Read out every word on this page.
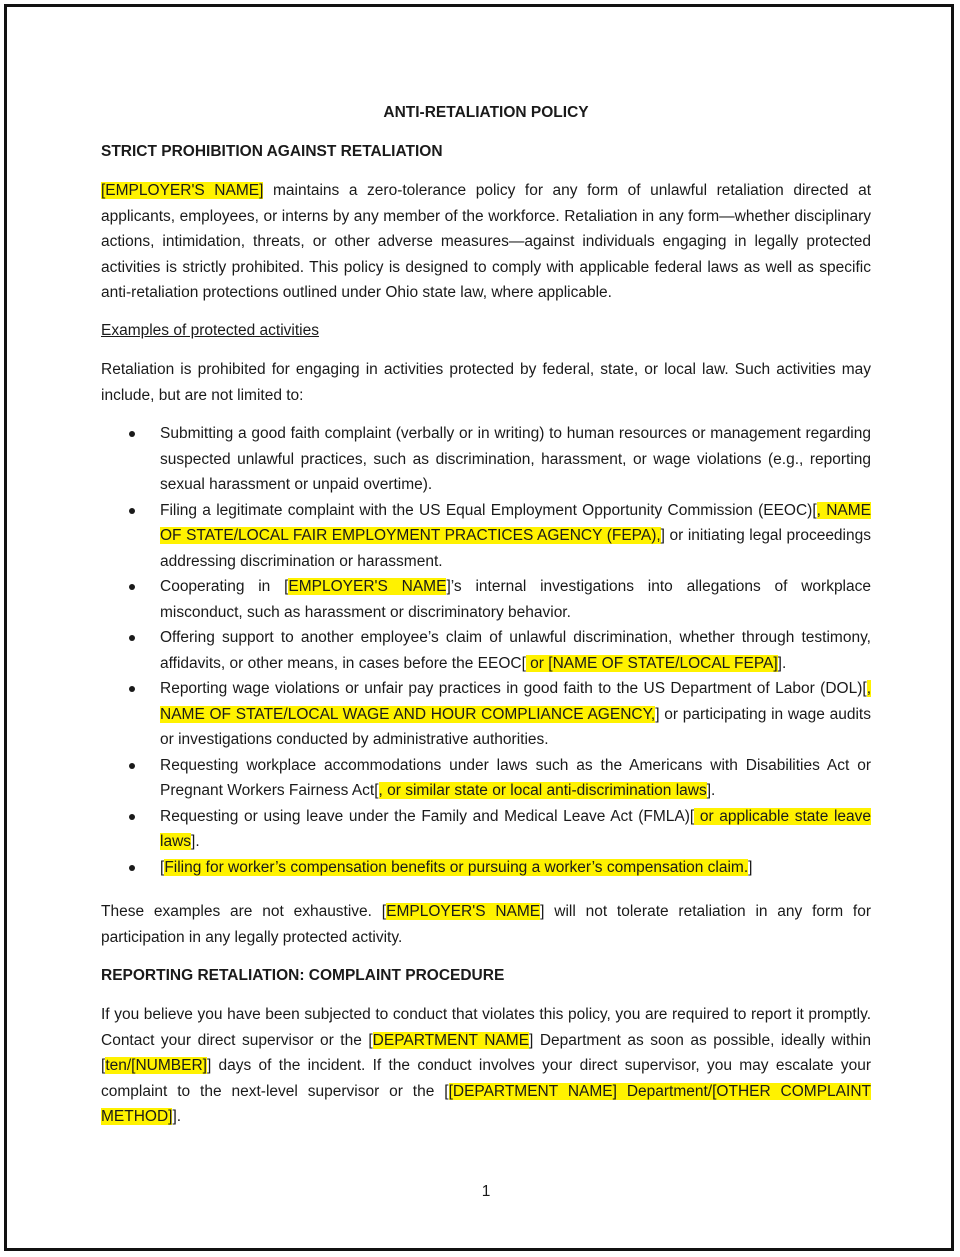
ANTI-RETALIATION POLICY

STRICT PROHIBITION AGAINST RETALIATION

[EMPLOYER'S NAME] maintains a zero-tolerance policy for any form of unlawful retaliation directed at applicants, employees, or interns by any member of the workforce. Retaliation in any form—whether disciplinary actions, intimidation, threats, or other adverse measures—against individuals engaging in legally protected activities is strictly prohibited. This policy is designed to comply with applicable federal laws as well as specific anti-retaliation protections outlined under Ohio state law, where applicable.

Examples of protected activities

Retaliation is prohibited for engaging in activities protected by federal, state, or local law. Such activities may include, but are not limited to:

Submitting a good faith complaint (verbally or in writing) to human resources or management regarding suspected unlawful practices, such as discrimination, harassment, or wage violations (e.g., reporting sexual harassment or unpaid overtime).
Filing a legitimate complaint with the US Equal Employment Opportunity Commission (EEOC)[, NAME OF STATE/LOCAL FAIR EMPLOYMENT PRACTICES AGENCY (FEPA),] or initiating legal proceedings addressing discrimination or harassment.
Cooperating in [EMPLOYER'S NAME]’s internal investigations into allegations of workplace misconduct, such as harassment or discriminatory behavior.
Offering support to another employee’s claim of unlawful discrimination, whether through testimony, affidavits, or other means, in cases before the EEOC[ or [NAME OF STATE/LOCAL FEPA]].
Reporting wage violations or unfair pay practices in good faith to the US Department of Labor (DOL)[, NAME OF STATE/LOCAL WAGE AND HOUR COMPLIANCE AGENCY,] or participating in wage audits or investigations conducted by administrative authorities.
Requesting workplace accommodations under laws such as the Americans with Disabilities Act or Pregnant Workers Fairness Act[, or similar state or local anti-discrimination laws].
Requesting or using leave under the Family and Medical Leave Act (FMLA)[ or applicable state leave laws].
[Filing for worker’s compensation benefits or pursuing a worker’s compensation claim.]

These examples are not exhaustive. [EMPLOYER'S NAME] will not tolerate retaliation in any form for participation in any legally protected activity.

REPORTING RETALIATION: COMPLAINT PROCEDURE

If you believe you have been subjected to conduct that violates this policy, you are required to report it promptly. Contact your direct supervisor or the [DEPARTMENT NAME] Department as soon as possible, ideally within [ten/[NUMBER]] days of the incident. If the conduct involves your direct supervisor, you may escalate your complaint to the next-level supervisor or the [[DEPARTMENT NAME] Department/[OTHER COMPLAINT METHOD]].

1
